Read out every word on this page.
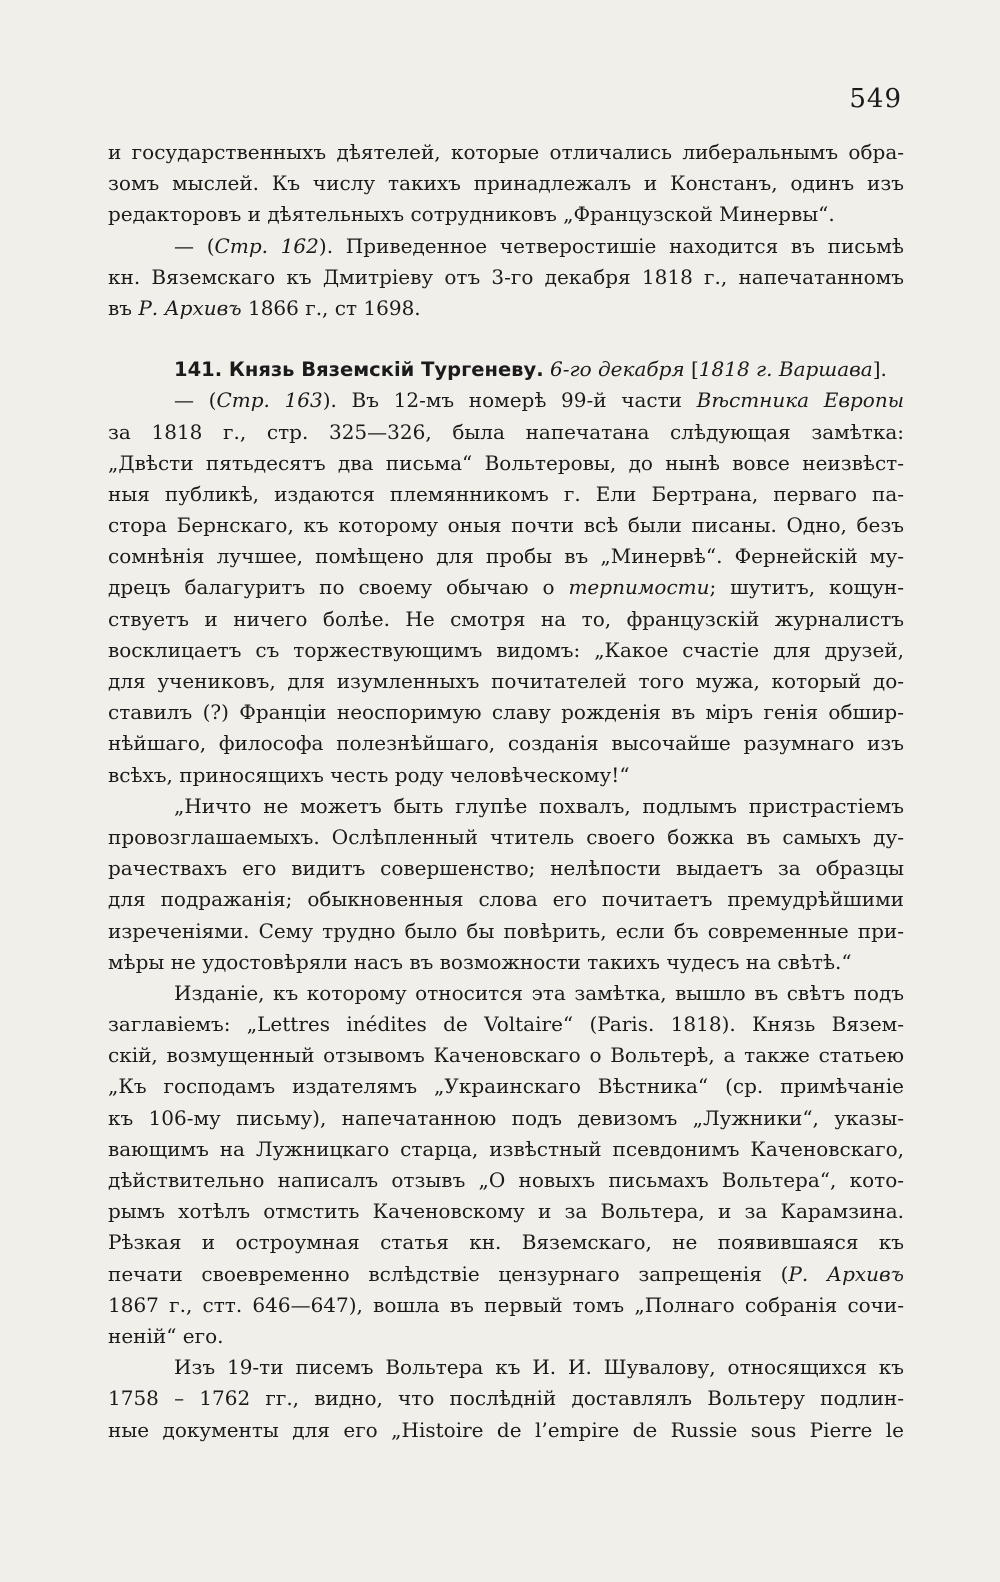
549
и государственныхъ дѣятелей, которые отличались либеральнымъ обра-
зомъ мыслей. Къ числу такихъ принадлежалъ и Констанъ, одинъ изъ
редакторовъ и дѣятельныхъ сотрудниковъ „Французской Минервы“.
— (Стр. 162). Приведенное четверостишіе находится въ письмѣ
кн. Вяземскаго къ Дмитріеву отъ 3-го декабря 1818 г., напечатанномъ
въ Р. Архивъ 1866 г., ст 1698.
141. Князь Вяземскій Тургеневу. 6-го декабря [1818 г. Варшава].
— (Стр. 163). Въ 12-мъ номерѣ 99-й части Вѣстника Европы
за 1818 г., стр. 325—326, была напечатана слѣдующая замѣтка:
„Двѣсти пятьдесятъ два письма“ Вольтеровы, до нынѣ вовсе неизвѣст-
ныя публикѣ, издаются племянникомъ г. Ели Бертрана, перваго па-
стора Бернскаго, къ которому оныя почти всѣ были писаны. Одно, безъ
сомнѣнія лучшее, помѣщено для пробы въ „Минервѣ“. Фернейскій му-
дрецъ балагуритъ по своему обычаю о терпимости; шутитъ, кощун-
ствуетъ и ничего болѣе. Не смотря на то, французскій журналистъ
восклицаетъ съ торжествующимъ видомъ: „Какое счастіе для друзей,
для учениковъ, для изумленныхъ почитателей того мужа, который до-
ставилъ (?) Франціи неоспоримую славу рожденія въ міръ генія обшир-
нѣйшаго, философа полезнѣйшаго, созданія высочайше разумнаго изъ
всѣхъ, приносящихъ честь роду человѣческому!“
„Ничто не можетъ быть глупѣе похвалъ, подлымъ пристрастіемъ
провозглашаемыхъ. Ослѣпленный чтитель своего божка въ самыхъ ду-
рачествахъ его видитъ совершенство; нелѣпости выдаетъ за образцы
для подражанія; обыкновенныя слова его почитаетъ премудрѣйшими
изреченіями. Сему трудно было бы повѣрить, если бъ современные при-
мѣры не удостовѣряли насъ въ возможности такихъ чудесъ на свѣтѣ.“
Изданіе, къ которому относится эта замѣтка, вышло въ свѣтъ подъ
заглавіемъ: „Lettres inédites de Voltaire“ (Paris. 1818). Князь Вязем-
скій, возмущенный отзывомъ Каченовскаго о Вольтерѣ, а также статьею
„Къ господамъ издателямъ „Украинскаго Вѣстника“ (ср. примѣчаніе
къ 106-му письму), напечатанною подъ девизомъ „Лужники“, указы-
вающимъ на Лужницкаго старца, извѣстный псевдонимъ Каченовскаго,
дѣйствительно написалъ отзывъ „О новыхъ письмахъ Вольтера“, кото-
рымъ хотѣлъ отмстить Каченовскому и за Вольтера, и за Карамзина.
Рѣзкая и остроумная статья кн. Вяземскаго, не появившаяся къ
печати своевременно вслѣдствіе цензурнаго запрещенія (Р. Архивъ
1867 г., стт. 646—647), вошла въ первый томъ „Полнаго собранія сочи-
неній“ его.
Изъ 19-ти писемъ Вольтера къ И. И. Шувалову, относящихся къ
1758 – 1762 гг., видно, что послѣдній доставлялъ Вольтеру подлин-
ные документы для его „Histoire de l’empire de Russie sous Pierre le
